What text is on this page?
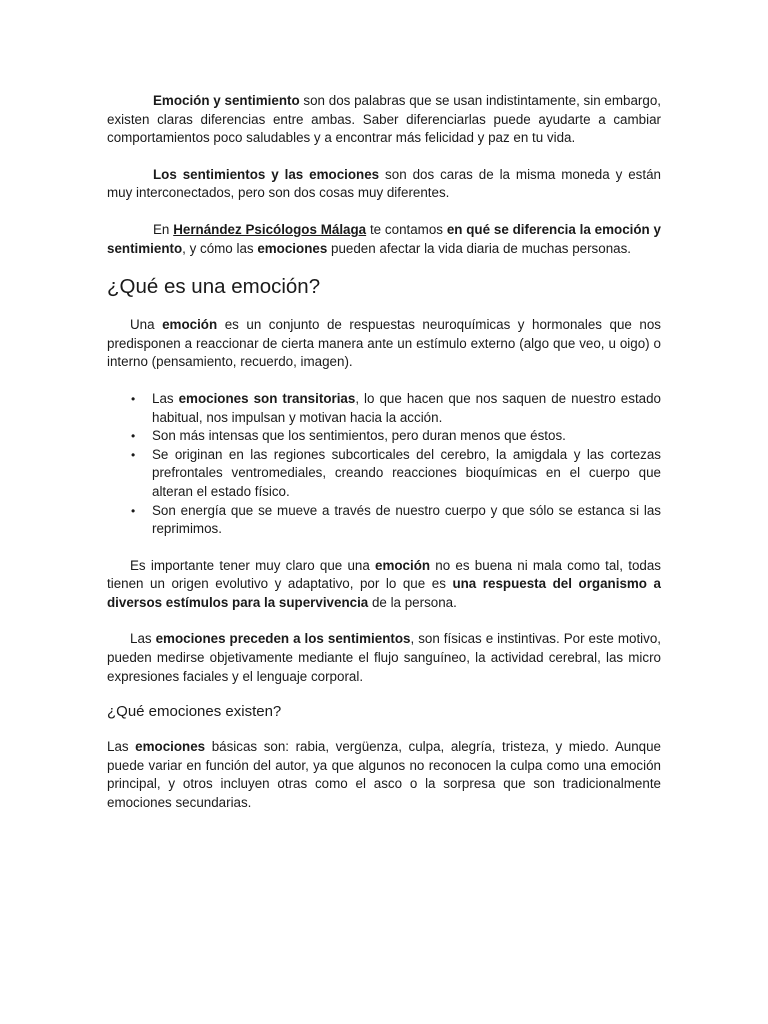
Emoción y sentimiento son dos palabras que se usan indistintamente, sin embargo, existen claras diferencias entre ambas. Saber diferenciarlas puede ayudarte a cambiar comportamientos poco saludables y a encontrar más felicidad y paz en tu vida.

Los sentimientos y las emociones son dos caras de la misma moneda y están muy interconectados, pero son dos cosas muy diferentes.

En Hernández Psicólogos Málaga te contamos en qué se diferencia la emoción y sentimiento, y cómo las emociones pueden afectar la vida diaria de muchas personas.

¿Qué es una emoción?

Una emoción es un conjunto de respuestas neuroquímicas y hormonales que nos predisponen a reaccionar de cierta manera ante un estímulo externo (algo que veo, u oigo) o interno (pensamiento, recuerdo, imagen).

• Las emociones son transitorias, lo que hacen que nos saquen de nuestro estado habitual, nos impulsan y motivan hacia la acción.
• Son más intensas que los sentimientos, pero duran menos que éstos.
• Se originan en las regiones subcorticales del cerebro, la amigdala y las cortezas prefrontales ventromediales, creando reacciones bioquímicas en el cuerpo que alteran el estado físico.
• Son energía que se mueve a través de nuestro cuerpo y que sólo se estanca si las reprimimos.

Es importante tener muy claro que una emoción no es buena ni mala como tal, todas tienen un origen evolutivo y adaptativo, por lo que es una respuesta del organismo a diversos estímulos para la supervivencia de la persona.

Las emociones preceden a los sentimientos, son físicas e instintivas. Por este motivo, pueden medirse objetivamente mediante el flujo sanguíneo, la actividad cerebral, las micro expresiones faciales y el lenguaje corporal.

¿Qué emociones existen?

Las emociones básicas son: rabia, vergüenza, culpa, alegría, tristeza, y miedo. Aunque puede variar en función del autor, ya que algunos no reconocen la culpa como una emoción principal, y otros incluyen otras como el asco o la sorpresa que son tradicionalmente emociones secundarias.
